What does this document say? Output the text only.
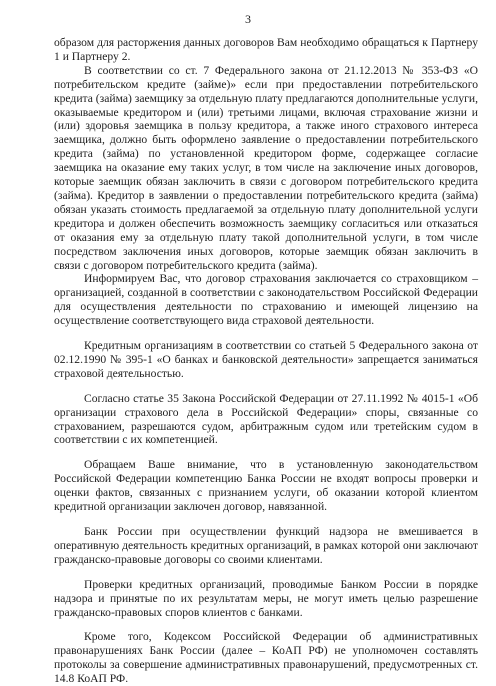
3

образом для расторжения данных договоров Вам необходимо обращаться к Партнеру 1 и Партнеру 2.

В соответствии со ст. 7 Федерального закона от 21.12.2013 № 353-ФЗ «О потребительском кредите (займе)» если при предоставлении потребительского кредита (займа) заемщику за отдельную плату предлагаются дополнительные услуги, оказываемые кредитором и (или) третьими лицами, включая страхование жизни и (или) здоровья заемщика в пользу кредитора, а также иного страхового интереса заемщика, должно быть оформлено заявление о предоставлении потребительского кредита (займа) по установленной кредитором форме, содержащее согласие заемщика на оказание ему таких услуг, в том числе на заключение иных договоров, которые заемщик обязан заключить в связи с договором потребительского кредита (займа). Кредитор в заявлении о предоставлении потребительского кредита (займа) обязан указать стоимость предлагаемой за отдельную плату дополнительной услуги кредитора и должен обеспечить возможность заемщику согласиться или отказаться от оказания ему за отдельную плату такой дополнительной услуги, в том числе посредством заключения иных договоров, которые заемщик обязан заключить в связи с договором потребительского кредита (займа).

Информируем Вас, что договор страхования заключается со страховщиком – организацией, созданной в соответствии с законодательством Российской Федерации для осуществления деятельности по страхованию и имеющей лицензию на осуществление соответствующего вида страховой деятельности.

Кредитным организациям в соответствии со статьей 5 Федерального закона от 02.12.1990 № 395-1 «О банках и банковской деятельности» запрещается заниматься страховой деятельностью.

Согласно статье 35 Закона Российской Федерации от 27.11.1992 № 4015-1 «Об организации страхового дела в Российской Федерации» споры, связанные со страхованием, разрешаются судом, арбитражным судом или третейским судом в соответствии с их компетенцией.

Обращаем Ваше внимание, что в установленную законодательством Российской Федерации компетенцию Банка России не входят вопросы проверки и оценки фактов, связанных с признанием услуги, об оказании которой клиентом кредитной организации заключен договор, навязанной.

Банк России при осуществлении функций надзора не вмешивается в оперативную деятельность кредитных организаций, в рамках которой они заключают гражданско-правовые договоры со своими клиентами.

Проверки кредитных организаций, проводимые Банком России в порядке надзора и принятые по их результатам меры, не могут иметь целью разрешение гражданско-правовых споров клиентов с банками.

Кроме того, Кодексом Российской Федерации об административных правонарушениях Банк России (далее – КоАП РФ) не уполномочен составлять протоколы за совершение административных правонарушений, предусмотренных ст. 14.8 КоАП РФ.
